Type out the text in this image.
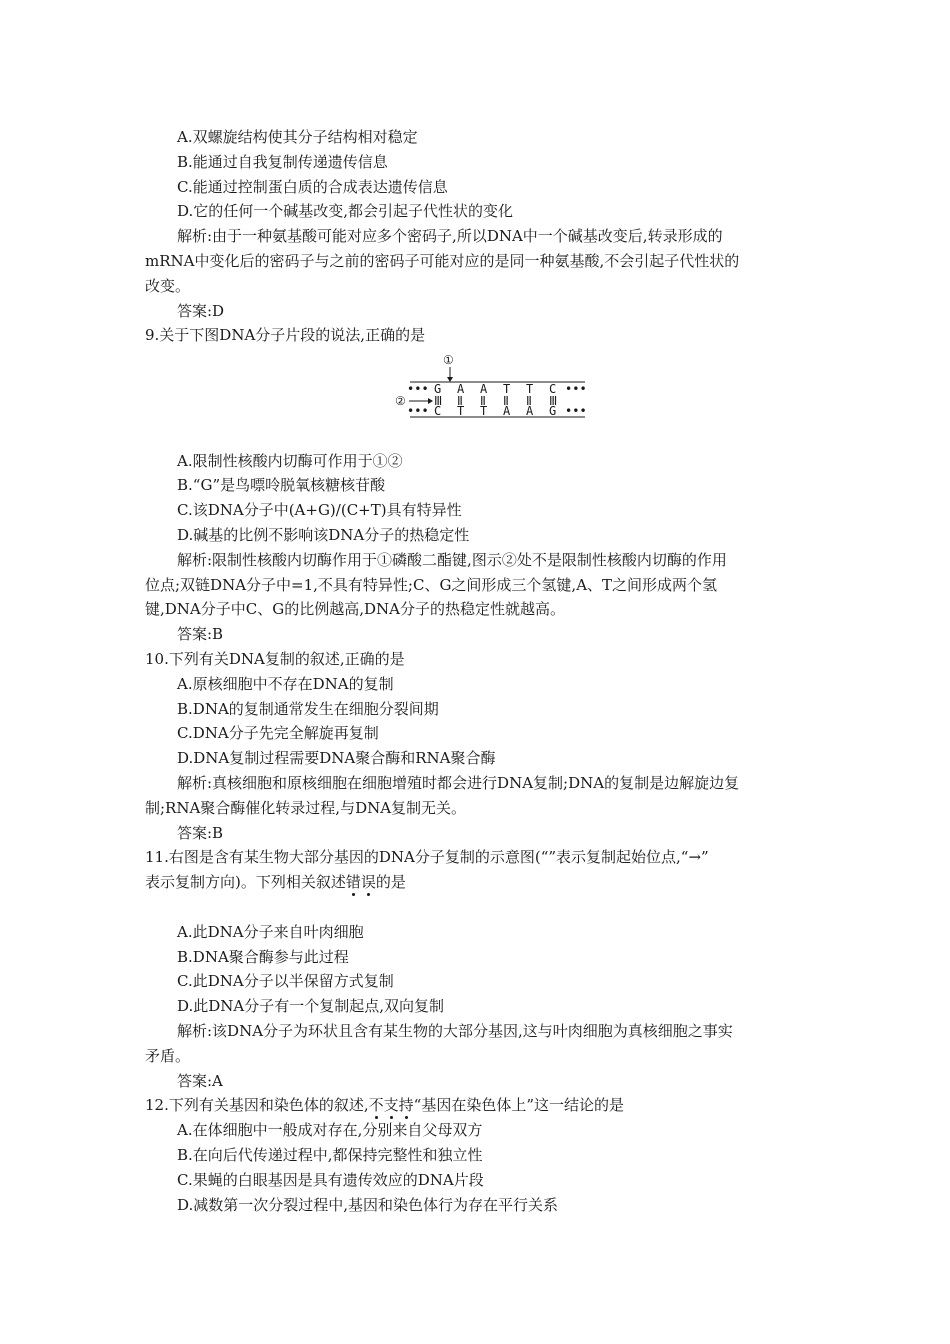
A.双螺旋结构使其分子结构相对稳定
B.能通过自我复制传递遗传信息
C.能通过控制蛋白质的合成表达遗传信息
D.它的任何一个碱基改变,都会引起子代性状的变化
解析:由于一种氨基酸可能对应多个密码子,所以DNA中一个碱基改变后,转录形成的
mRNA中变化后的密码子与之前的密码子可能对应的是同一种氨基酸,不会引起子代性状的
改变。
答案:D
9.关于下图DNA分子片段的说法,正确的是
①
•••	•••
•••	•••
②
G A A T T C
Ⅲ Ⅱ Ⅱ Ⅱ Ⅱ Ⅲ
C T T A A G
A.限制性核酸内切酶可作用于①②
B.“G”是鸟嘌呤脱氧核糖核苷酸
C.该DNA分子中(A+G)/(C+T)具有特异性
D.碱基的比例不影响该DNA分子的热稳定性
解析:限制性核酸内切酶作用于①磷酸二酯键,图示②处不是限制性核酸内切酶的作用
位点;双链DNA分子中=1,不具有特异性;C、G之间形成三个氢键,A、T之间形成两个氢
键,DNA分子中C、G的比例越高,DNA分子的热稳定性就越高。
答案:B
10.下列有关DNA复制的叙述,正确的是
A.原核细胞中不存在DNA的复制
B.DNA的复制通常发生在细胞分裂间期
C.DNA分子先完全解旋再复制
D.DNA复制过程需要DNA聚合酶和RNA聚合酶
解析:真核细胞和原核细胞在细胞增殖时都会进行DNA复制;DNA的复制是边解旋边复
制;RNA聚合酶催化转录过程,与DNA复制无关。
答案:B
11.右图是含有某生物大部分基因的DNA分子复制的示意图(“”表示复制起始位点,“→”
表示复制方向)。下列相关叙述错误的是
A.此DNA分子来自叶肉细胞
B.DNA聚合酶参与此过程
C.此DNA分子以半保留方式复制
D.此DNA分子有一个复制起点,双向复制
解析:该DNA分子为环状且含有某生物的大部分基因,这与叶肉细胞为真核细胞之事实
矛盾。
答案:A
12.下列有关基因和染色体的叙述,不支持“基因在染色体上”这一结论的是
A.在体细胞中一般成对存在,分别来自父母双方
B.在向后代传递过程中,都保持完整性和独立性
C.果蝇的白眼基因是具有遗传效应的DNA片段
D.减数第一次分裂过程中,基因和染色体行为存在平行关系
